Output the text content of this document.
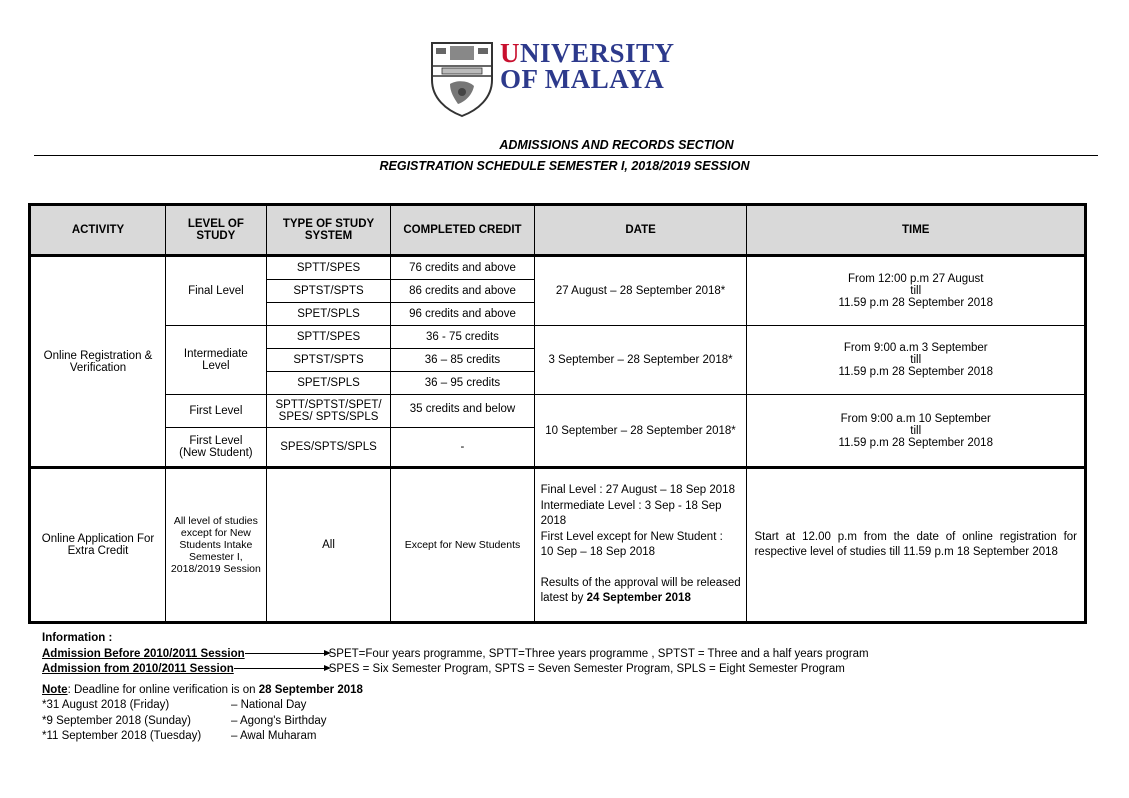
UNIVERSITY
OF MALAYA
ADMISSIONS AND RECORDS SECTION
REGISTRATION SCHEDULE SEMESTER I, 2018/2019 SESSION
ACTIVITY	LEVEL OF STUDY	TYPE OF STUDY SYSTEM	COMPLETED CREDIT	DATE	TIME
Online Registration & Verification	Final Level	SPTT/SPES	76 credits and above	27 August – 28 September 2018*	From 12:00 p.m 27 August
till
11.59 p.m 28 September 2018

		SPTST/SPTS	86 credits and above		
		SPET/SPLS	96 credits and above		
	Intermediate Level	SPTT/SPES	36 - 75 credits	3 September – 28 September 2018*	From 9:00 a.m 3 September
till
11.59 p.m 28 September 2018

		SPTST/SPTS	36 – 85 credits		
		SPET/SPLS	36 – 95 credits		
	First Level	SPTT/SPTST/SPET/ SPES/ SPTS/SPLS	35 credits and below	10 September – 28 September 2018*	From 9:00 a.m 10 September
till
11.59 p.m 28 September 2018

	First Level
(New Student)	SPES/SPTS/SPLS	-		
Online Application For Extra Credit	All level of studies except for New Students Intake Semester I, 2018/2019 Session	All	Except for New Students	Final Level : 27 August – 18 Sep 2018
Intermediate Level : 3 Sep - 18 Sep 2018
First Level except for New Student :
10 Sep – 18 Sep 2018
Results of the approval will be released latest by 24 September 2018	Start at 12.00 p.m from the date of online registration for respective level of studies till 11.59 p.m 18 September 2018
Information :
Admission Before 2010/2011 Session	SPET=Four years programme, SPTT=Three years programme , SPTST = Three and a half years program
Admission from 2010/2011 Session	SPES = Six Semester Program, SPTS = Seven Semester Program, SPLS = Eight Semester Program
Note: Deadline for online verification is on 28 September 2018
*31 August 2018 (Friday)	– National Day
*9 September 2018 (Sunday)	– Agong's Birthday
*11 September 2018 (Tuesday)	– Awal Muharam
